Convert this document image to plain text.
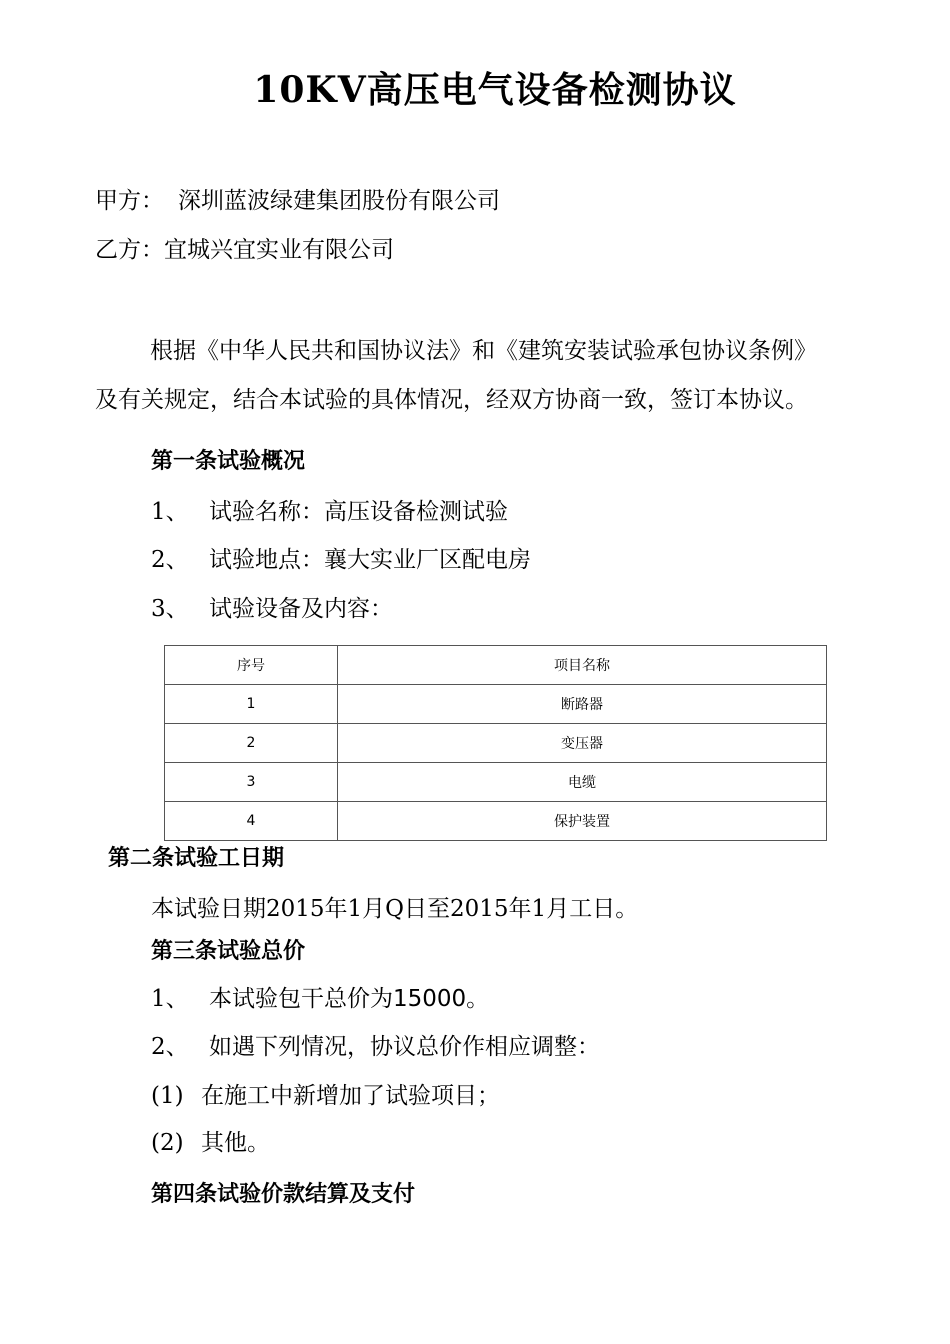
10KV高压电气设备检测协议
甲方： 深圳蓝波绿建集团股份有限公司
乙方：宜城兴宜实业有限公司
根据《中华人民共和国协议法》和《建筑安装试验承包协议条例》
及有关规定，结合本试验的具体情况，经双方协商一致，签订本协议。
第一条试验概况
1、 试验名称：高压设备检测试验
2、 试验地点：襄大实业厂区配电房
3、 试验设备及内容：
序号	项目名称
1	断路器
2	变压器
3	电缆
4	保护装置
第二条试验工日期
本试验日期2015年1月Q日至2015年1月工日。
第三条试验总价
1、 本试验包干总价为15000。
2、 如遇下列情况，协议总价作相应调整：
(1) 在施工中新增加了试验项目；
(2) 其他。
第四条试验价款结算及支付
